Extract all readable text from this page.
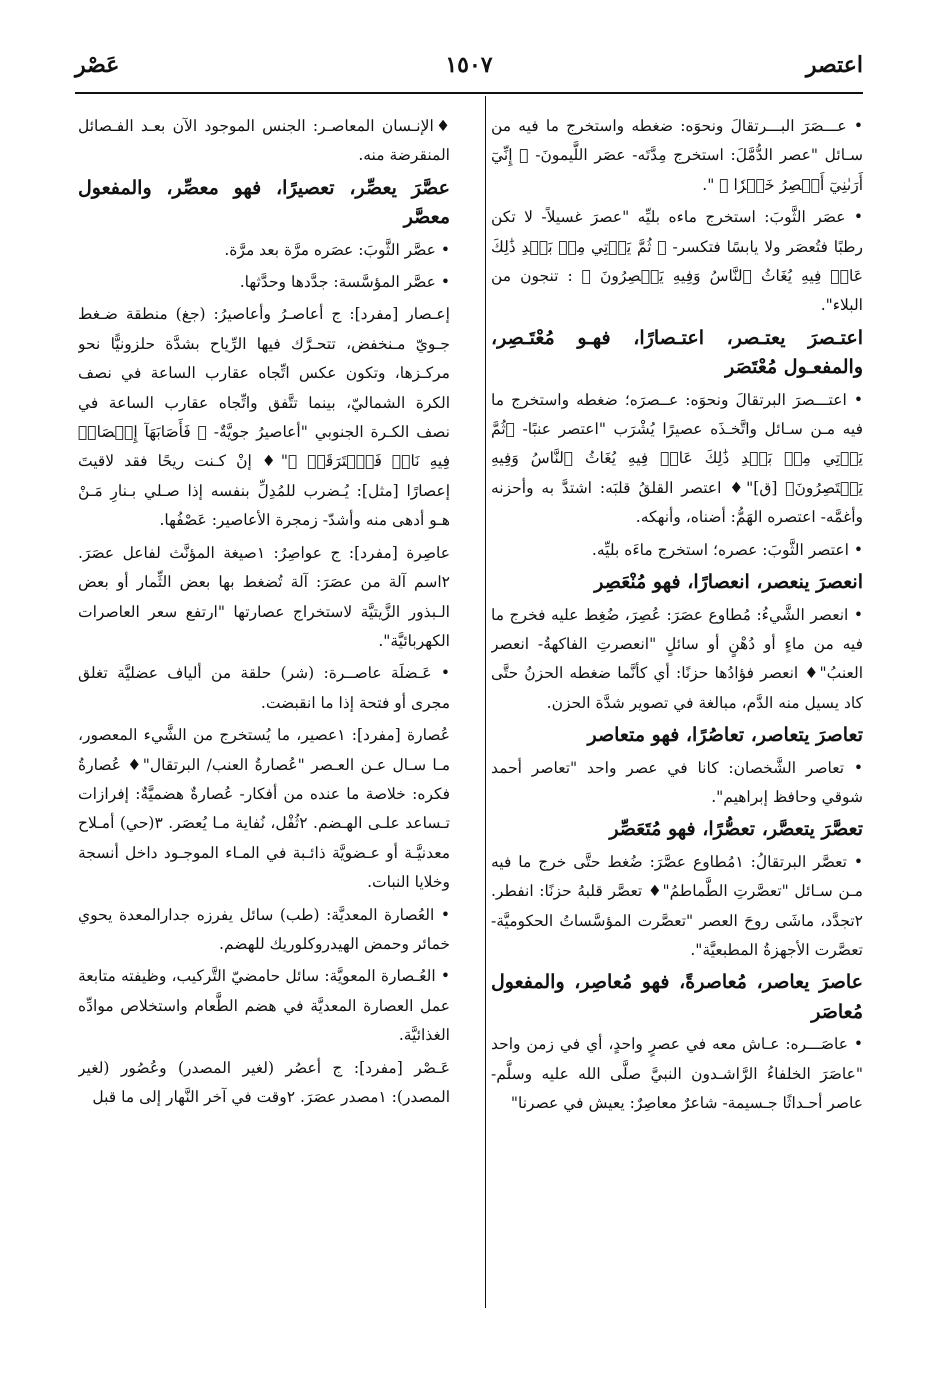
اعتصر
١٥٠٧
عَصْر

• عـــصَرَ البـــرتقالَ ونحوَه: ضغطه واستخرج ما فيه من سـائل "عصر الدُّمَّلَ: استخرج مِدَّتَه- عصَر اللَّيمونَ- ﴿ إِنِّيٓ أَرَىٰنِيٓ أَعۡصِرُ خَمۡرٗا ﴾ ".

• عصَر الثَّوبَ: استخرج ماءه بليِّه "عصرَ غسيلاً- لا تكن رطبًا فتُعصَر ولا يابسًا فتكسر- ﴿ ثُمَّ يَأۡتِي مِنۢ بَعۡدِ ذَٰلِكَ عَامٞ فِيهِ يُغَاثُ ٱلنَّاسُ وَفِيهِ يَعۡصِرُونَ ﴾ : تنجون من البلاء".

اعتـصرَ يعتـصر، اعتـصارًا، فهـو مُعْتَـصِر، والمفعـول مُعْتَصَر

• اعتـــصرَ البرتقالَ ونحوَه: عــصرَه؛ ضغطه واستخرج ما فيه مـن سـائل واتَّخـذَه عصيرًا يُشْرَب "اعتصر عنبًا- ﴿ثُمَّ يَأۡتِي مِنۢ بَعۡدِ ذَٰلِكَ عَامٞ فِيهِ يُغَاثُ ٱلنَّاسُ وَفِيهِ يَعۡتَصِرُونَ﴾ [ق]"♦ اعتصر القلقُ قلبَه: اشتدَّ به وأحزنه وأغمَّه- اعتصره الهَمُّ: أضناه، وأنهكه.

• اعتصر الثَّوبَ: عصره؛ استخرج ماءَه بليِّه.

انعصرَ ينعصر، انعصارًا، فهو مُنْعَصِر

• انعصر الشَّيءُ: مُطاوع عصَرَ: عُصِرَ، ضُغِط عليه فخرج ما فيه من ماءٍ أو دُهْنٍ أو سائلٍ "انعصرتِ الفاكهةُ- انعصر العنبُ"♦ انعصر فؤادُها حزنًا: أي كأنَّما ضغطه الحزنُ حتَّى كاد يسيل منه الدَّم، مبالغة في تصوير شدَّة الحزن.

تعاصرَ يتعاصر، تعاصُرًا، فهو متعاصر

• تعاصر الشَّخصان: كانا في عصر واحد "تعاصر أحمد شوقي وحافظ إبراهيم".

تعصَّرَ يتعصَّر، تعصُّرًا، فهو مُتَعَصِّر

• تعصَّر البرتقالُ: ١مُطاوع عصَّرَ: ضُغط حتَّى خرج ما فيه مـن سـائل "تعصَّرتِ الطَّماطمُ"♦ تعصَّر قلبهُ حزنًا: انفطر. ٢تجدَّد، ماشَى روحَ العصر "تعصَّرت المؤسَّساتُ الحكوميَّة- تعصَّرت الأجهزةُ المطبعيَّة".

عاصرَ يعاصر، مُعاصرةً، فهو مُعاصِر، والمفعول مُعاصَر

• عاصَـــره: عـاش معه في عصرٍ واحدٍ، أي في زمن واحد "عاصَرَ الخلفاءُ الرَّاشـدون النبيَّ صلَّى الله عليه وسلَّم- عاصر أحـداثًا جـسيمة- شاعرٌ معاصِرٌ: يعيش في عصرنا"

♦الإنـسان المعاصـر: الجنس الموجود الآن بعـد الفـصائل المنقرضة منه.

عصَّرَ يعصِّر، تعصيرًا، فهو معصِّر، والمفعول معصَّر

• عصَّر الثَّوبَ: عصَره مرَّة بعد مرَّة.

• عصَّر المؤسَّسة: جدَّدها وحدَّثها.

إعـصار [مفرد]: ج أعاصـرُ وأعاصيرُ: (جغ) منطقة ضـغط جـويّ مـنخفض، تتحـرَّك فيها الرِّياح بشدَّة حلزونيًّا نحو مركـزها، وتكون عكس اتِّجاه عقارب الساعة في نصف الكرة الشماليّ، بينما تتَّفق واتِّجاه عقارب الساعة في نصف الكـرة الجنوبي "أعاصيرُ جويَّةٌ- ﴿ فَأَصَابَهَآ إِعۡصَارٞ فِيهِ نَارٞ فَٱحۡتَرَقَتۡ ﴾"♦ إنْ كـنت ريحًا فقد لاقيتَ إعصارًا [مثل]: يُـضرب للمُدِلِّ بنفسه إذا صـلي بـنارِ مَـنْ هـو أدهى منه وأشدّ- زمجرة الأعاصير: عَصْفُها.

عاصِرة [مفرد]: ج عواصِرُ: ١صيغة المؤنَّث لفاعل عصَرَ. ٢اسم آلة من عصَرَ: آلة تُضغط بها بعض الثِّمار أو بعض الـبذور الزَّيتيَّة لاستخراج عصارتها "ارتفع سعر العاصرات الكهربائيَّة".

• عَـضلَة عاصــرة: (شر) حلقة من ألياف عضليَّة تغلق مجرى أو فتحة إذا ما انقبضت.

عُصارة [مفرد]: ١عصير، ما يُستخرج من الشَّيء المعصور، مـا سـال عـن العـصر "عُصارةُ العنب/ البرتقال"♦ عُصارةُ فكره: خلاصة ما عنده من أفكار- عُصارةٌ هضميَّةٌ: إفرازات تـساعد علـى الهـضم. ٢ثُفْل، نُفاية مـا يُعصَر. ٣(حي) أمـلاح معدنيَّـة أو عـضويَّة ذائـبة في المـاء الموجـود داخل أنسجة وخلايا النبات.

• العُصارة المعديَّة: (طب) سائل يفرزه جدارالمعدة يحوي خمائر وحمض الهيدروكلوريك للهضم.

• العُـصارة المعويَّة: سائل حامضيّ التَّركيب، وظيفته متابعة عمل العصارة المعديَّة في هضم الطَّعام واستخلاص موادِّه الغذائيَّة.

عَـصْر [مفرد]: ج أعصُر (لغير المصدر) وعُصُور (لغير المصدر): ١مصدر عصَرَ. ٢وقت في آخر النَّهار إلى ما قبل
